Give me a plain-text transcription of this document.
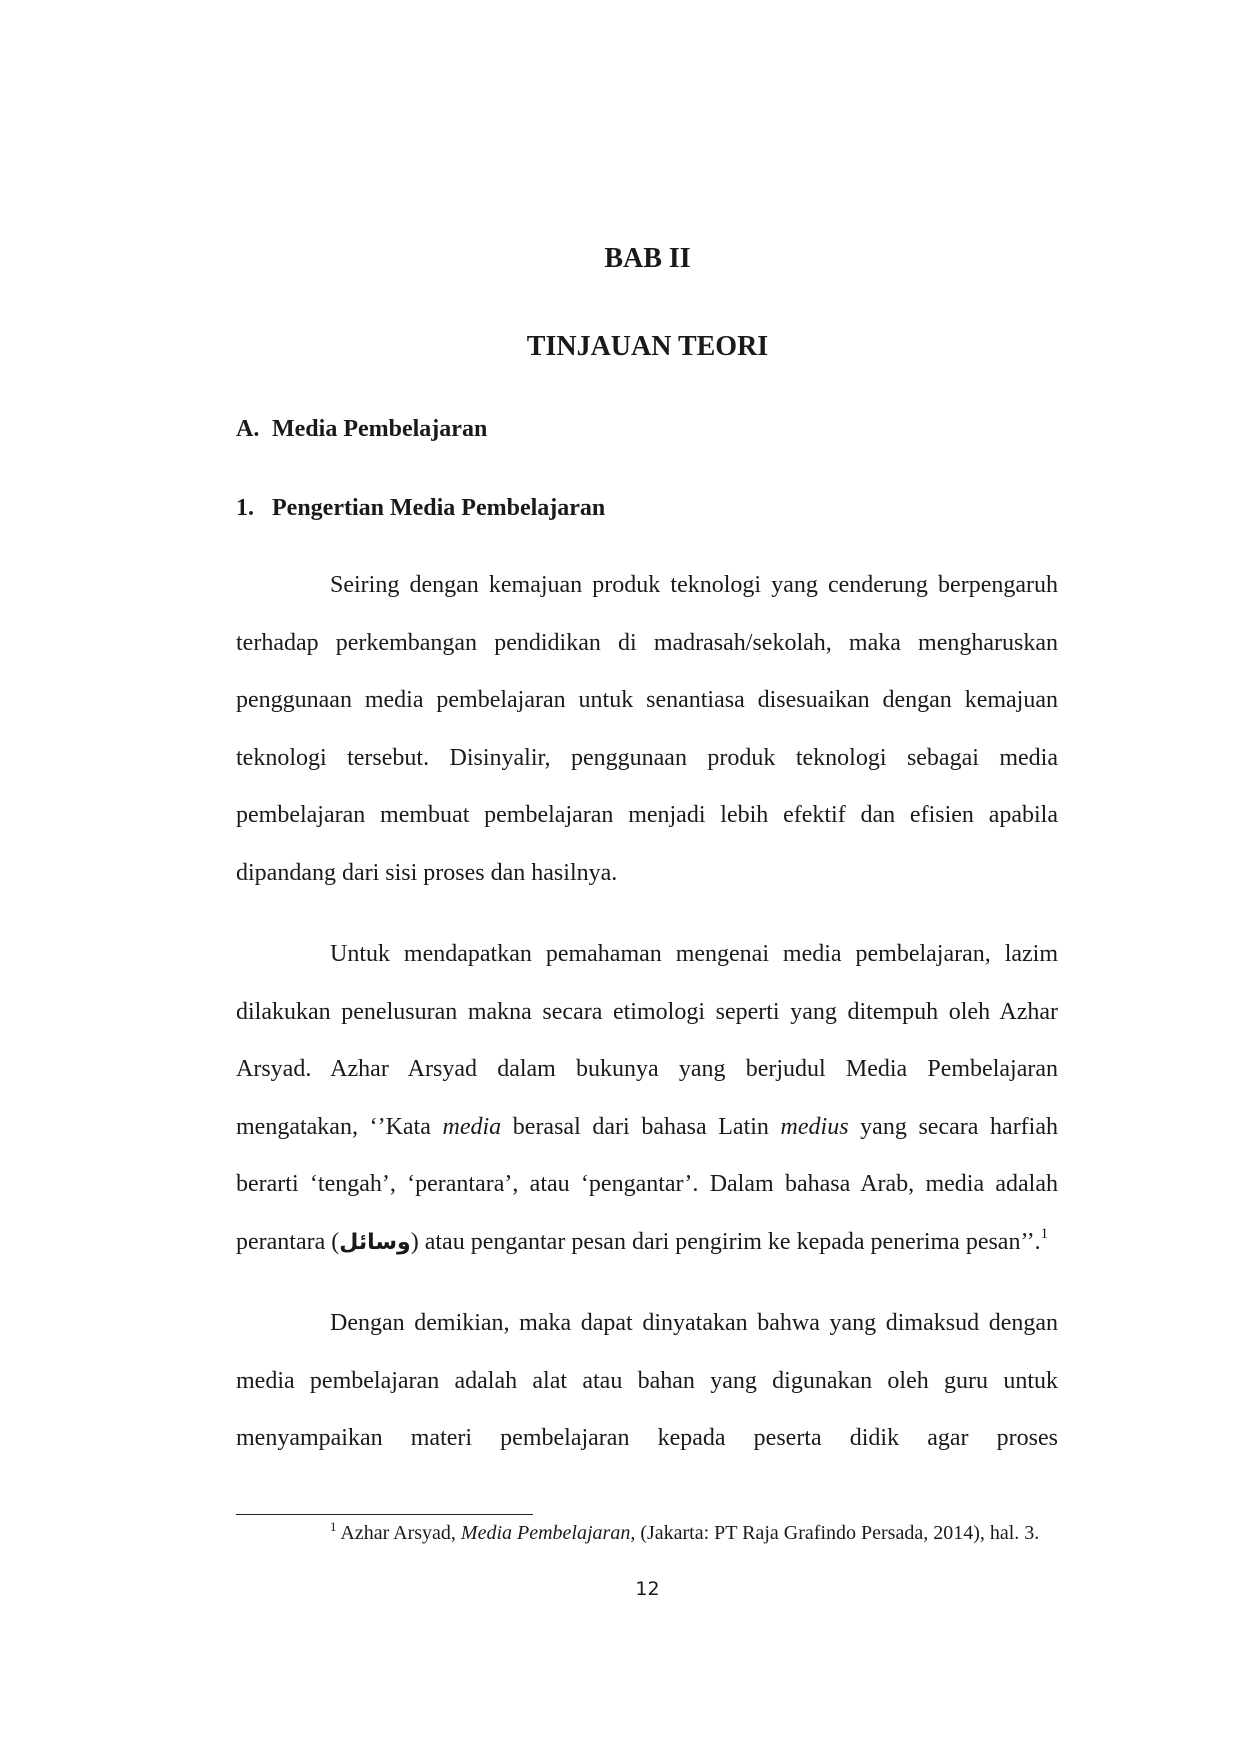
BAB II
TINJAUAN TEORI
A. Media Pembelajaran
1. Pengertian Media Pembelajaran

Seiring dengan kemajuan produk teknologi yang cenderung berpengaruh terhadap perkembangan pendidikan di madrasah/sekolah, maka mengharuskan penggunaan media pembelajaran untuk senantiasa disesuaikan dengan kemajuan teknologi tersebut. Disinyalir, penggunaan produk teknologi sebagai media pembelajaran membuat pembelajaran menjadi lebih efektif dan efisien apabila dipandang dari sisi proses dan hasilnya.

Untuk mendapatkan pemahaman mengenai media pembelajaran, lazim dilakukan penelusuran makna secara etimologi seperti yang ditempuh oleh Azhar Arsyad. Azhar Arsyad dalam bukunya yang berjudul Media Pembelajaran mengatakan, ‘’Kata media berasal dari bahasa Latin medius yang secara harfiah berarti ‘tengah’, ‘perantara’, atau ‘pengantar’. Dalam bahasa Arab, media adalah perantara (وسائل) atau pengantar pesan dari pengirim ke kepada penerima pesan’’.$^1$

Dengan demikian, maka dapat dinyatakan bahwa yang dimaksud dengan media pembelajaran adalah alat atau bahan yang digunakan oleh guru untuk menyampaikan materi pembelajaran kepada peserta didik agar proses

$^1$ Azhar Arsyad, Media Pembelajaran, (Jakarta: PT Raja Grafindo Persada, 2014), hal. 3.

12
